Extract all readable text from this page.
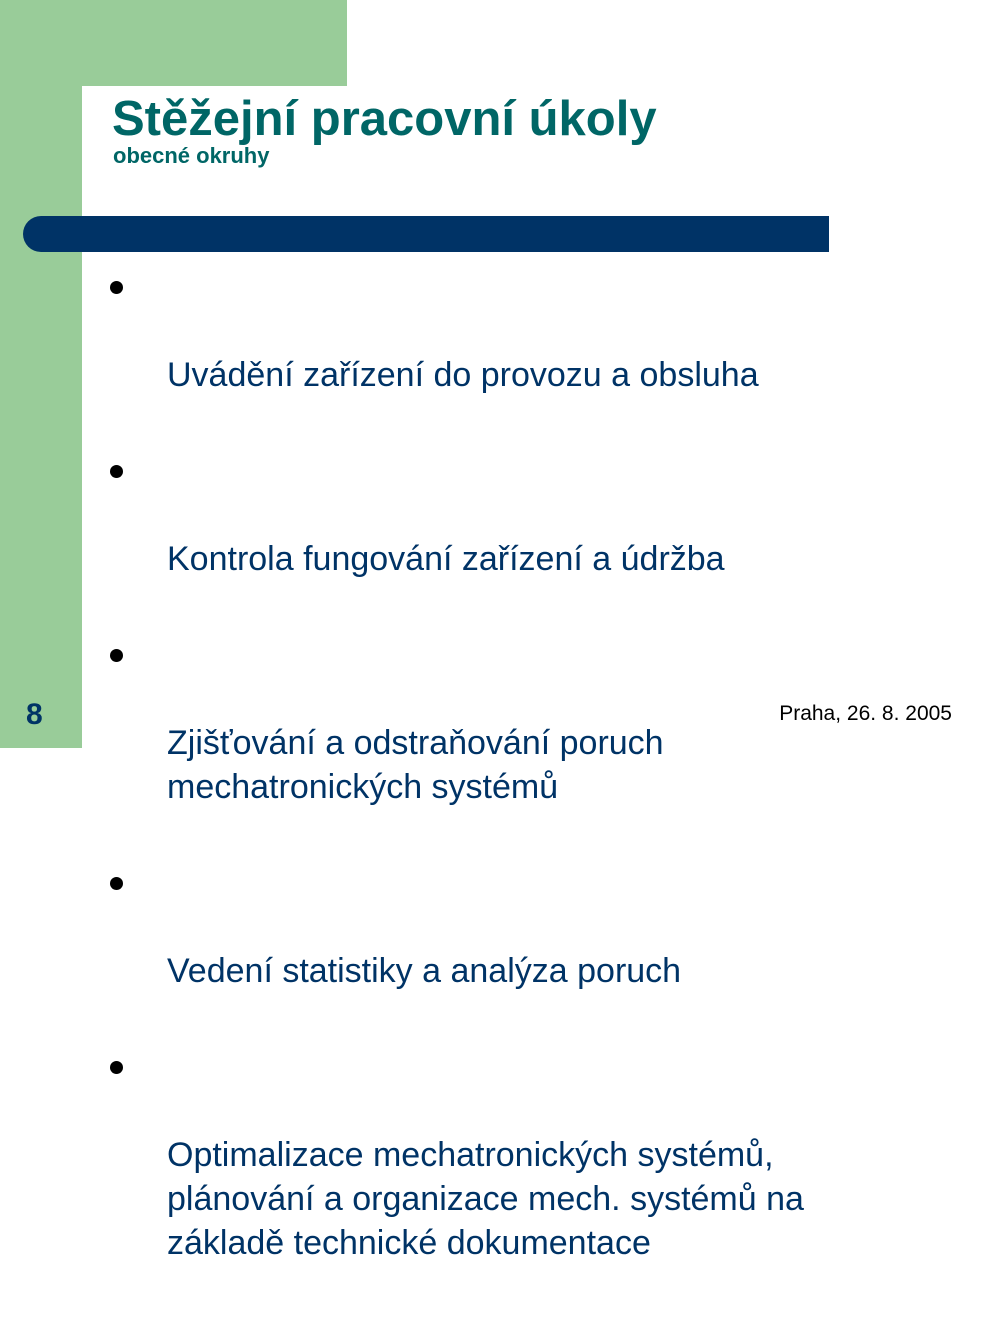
Stěžejní pracovní úkoly
obecné okruhy

Uvádění zařízení do provozu a obsluha

Kontrola fungování zařízení a údržba

Zjišťování a odstraňování poruch
mechatronických systémů

Vedení statistiky a analýza poruch

Optimalizace mechatronických systémů,
plánování a organizace mech. systémů na
základě technické dokumentace

8	Praha, 26. 8. 2005
